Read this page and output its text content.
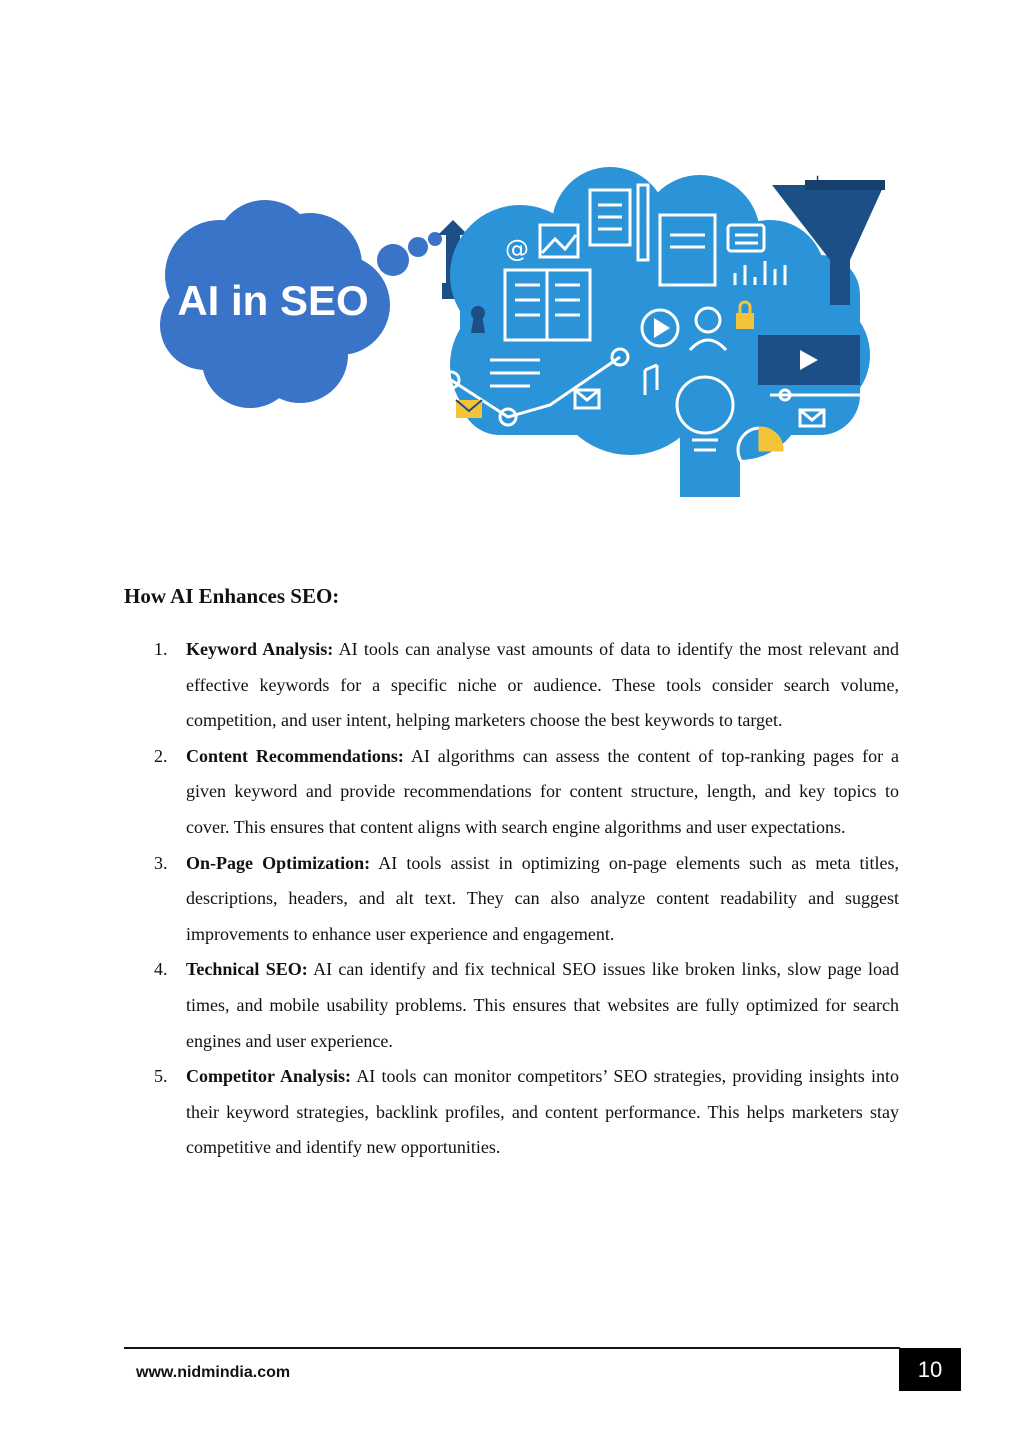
AI in SEO
+
@
How AI Enhances SEO:
1. Keyword Analysis: AI tools can analyse vast amounts of data to identify the most relevant and effective keywords for a specific niche or audience. These tools consider search volume, competition, and user intent, helping marketers choose the best keywords to target.
2. Content Recommendations: AI algorithms can assess the content of top-ranking pages for a given keyword and provide recommendations for content structure, length, and key topics to cover. This ensures that content aligns with search engine algorithms and user expectations.
3. On-Page Optimization: AI tools assist in optimizing on-page elements such as meta titles, descriptions, headers, and alt text. They can also analyze content readability and suggest improvements to enhance user experience and engagement.
4. Technical SEO: AI can identify and fix technical SEO issues like broken links, slow page load times, and mobile usability problems. This ensures that websites are fully optimized for search engines and user experience.
5. Competitor Analysis: AI tools can monitor competitors’ SEO strategies, providing insights into their keyword strategies, backlink profiles, and content performance. This helps marketers stay competitive and identify new opportunities.
www.nidmindia.com	10
